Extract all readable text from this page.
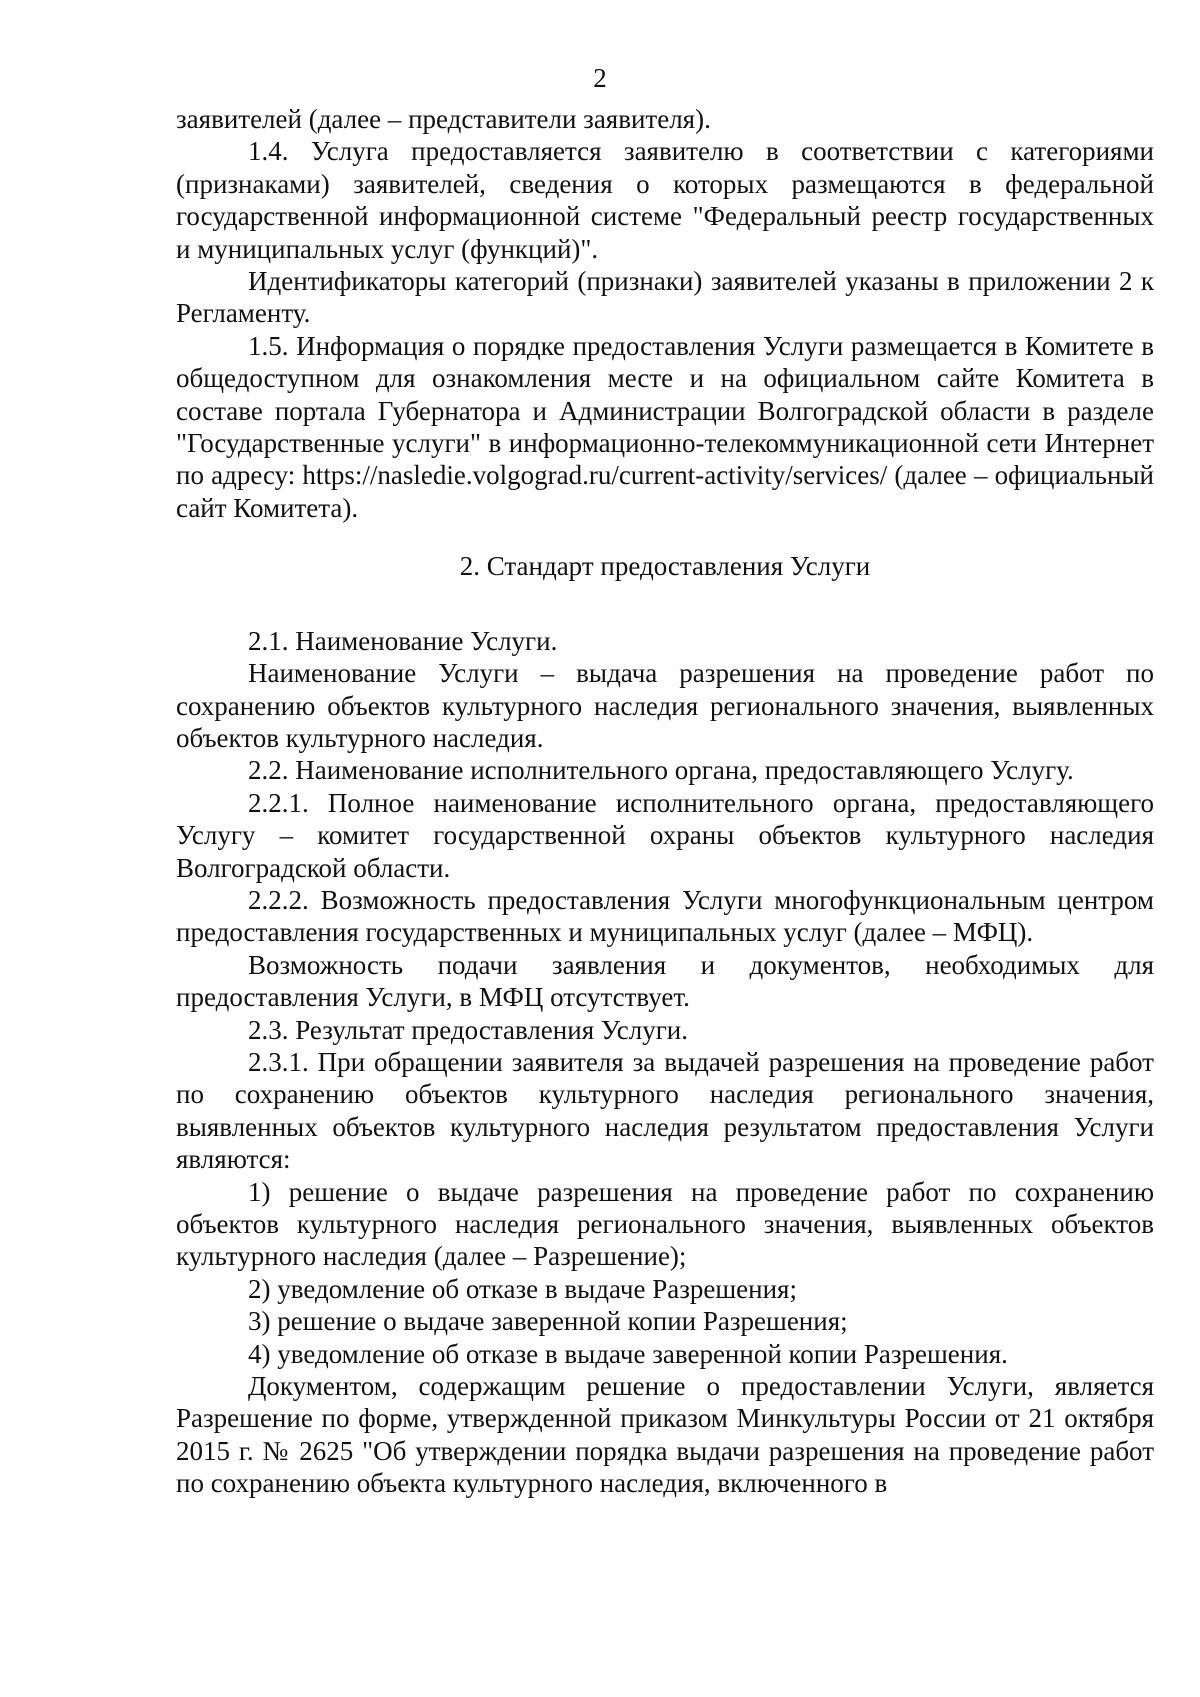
2

заявителей (далее – представители заявителя).

1.4. Услуга предоставляется заявителю в соответствии с категориями (признаками) заявителей, сведения о которых размещаются в федеральной государственной информационной системе "Федеральный реестр государственных и муниципальных услуг (функций)".

Идентификаторы категорий (признаки) заявителей указаны в приложении 2 к Регламенту.

1.5. Информация о порядке предоставления Услуги размещается в Комитете в общедоступном для ознакомления месте и на официальном сайте Комитета в составе портала Губернатора и Администрации Волгоградской области в разделе "Государственные услуги" в информационно-телекоммуникационной сети Интернет по адресу: https://nasledie.volgograd.ru/current-activity/services/ (далее – официальный сайт Комитета).

2. Стандарт предоставления Услуги

2.1. Наименование Услуги.

Наименование Услуги – выдача разрешения на проведение работ по сохранению объектов культурного наследия регионального значения, выявленных объектов культурного наследия.

2.2. Наименование исполнительного органа, предоставляющего Услугу.

2.2.1. Полное наименование исполнительного органа, предоставляющего Услугу – комитет государственной охраны объектов культурного наследия Волгоградской области.

2.2.2. Возможность предоставления Услуги многофункциональным центром предоставления государственных и муниципальных услуг (далее – МФЦ).

Возможность подачи заявления и документов, необходимых для предоставления Услуги, в МФЦ отсутствует.

2.3. Результат предоставления Услуги.

2.3.1. При обращении заявителя за выдачей разрешения на проведение работ по сохранению объектов культурного наследия регионального значения, выявленных объектов культурного наследия результатом предоставления Услуги являются:

1) решение о выдаче разрешения на проведение работ по сохранению объектов культурного наследия регионального значения, выявленных объектов культурного наследия (далее – Разрешение);

2) уведомление об отказе в выдаче Разрешения;

3) решение о выдаче заверенной копии Разрешения;

4) уведомление об отказе в выдаче заверенной копии Разрешения.

Документом, содержащим решение о предоставлении Услуги, является Разрешение по форме, утвержденной приказом Минкультуры России от 21 октября 2015 г. № 2625 "Об утверждении порядка выдачи разрешения на проведение работ по сохранению объекта культурного наследия, включенного в
